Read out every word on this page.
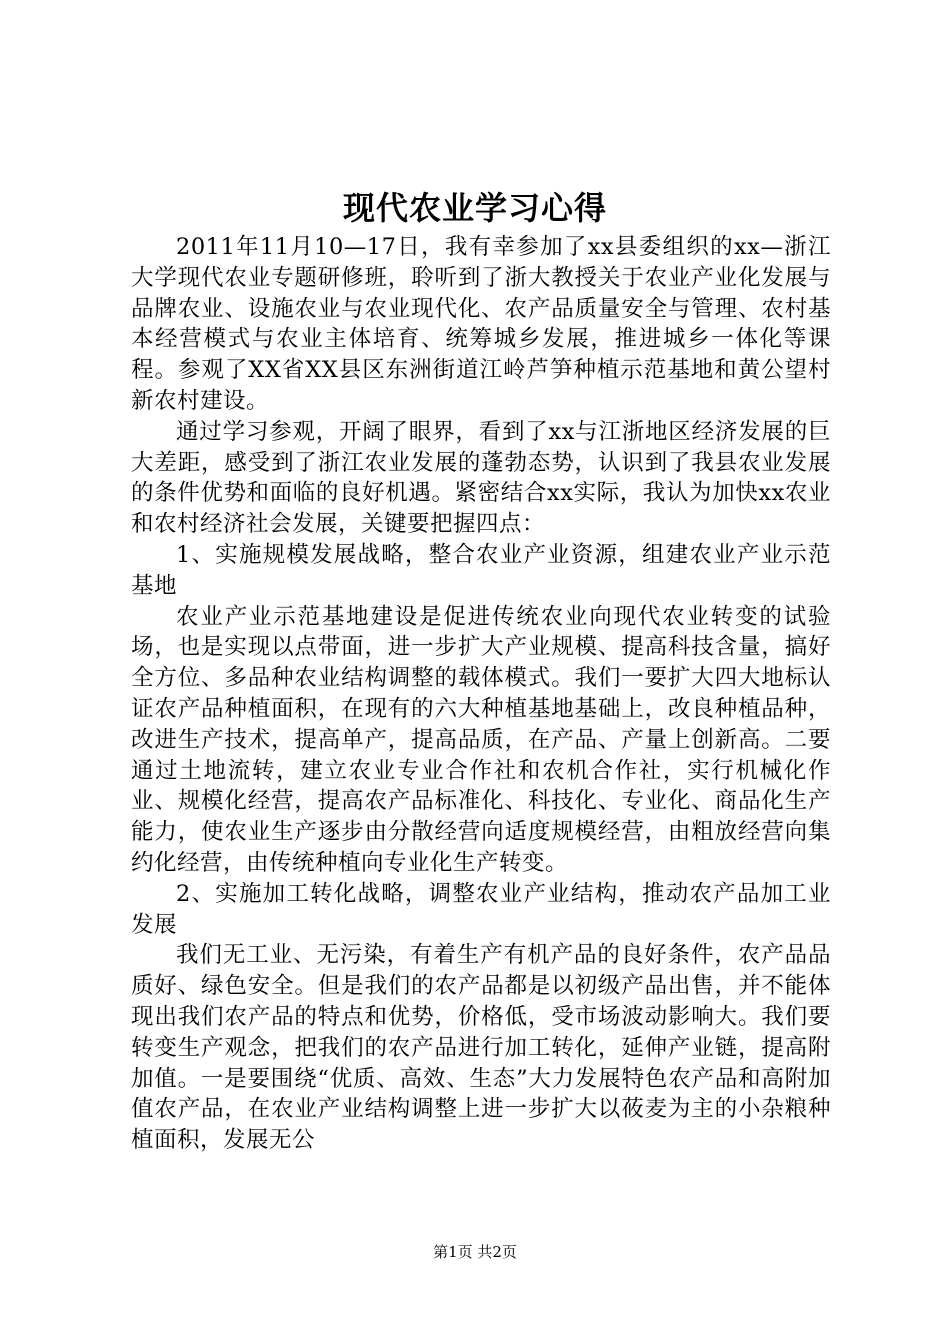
现代农业学习心得

2011年11月10—17日，我有幸参加了xx县委组织的xx—浙江大学现代农业专题研修班，聆听到了浙大教授关于农业产业化发展与品牌农业、设施农业与农业现代化、农产品质量安全与管理、农村基本经营模式与农业主体培育、统筹城乡发展，推进城乡一体化等课程。参观了XX省XX县区东洲街道江岭芦笋种植示范基地和黄公望村新农村建设。

通过学习参观，开阔了眼界，看到了xx与江浙地区经济发展的巨大差距，感受到了浙江农业发展的蓬勃态势，认识到了我县农业发展的条件优势和面临的良好机遇。紧密结合xx实际，我认为加快xx农业和农村经济社会发展，关键要把握四点：

1、实施规模发展战略，整合农业产业资源，组建农业产业示范基地

农业产业示范基地建设是促进传统农业向现代农业转变的试验场，也是实现以点带面，进一步扩大产业规模、提高科技含量，搞好全方位、多品种农业结构调整的载体模式。我们一要扩大四大地标认证农产品种植面积，在现有的六大种植基地基础上，改良种植品种，改进生产技术，提高单产，提高品质，在产品、产量上创新高。二要通过土地流转，建立农业专业合作社和农机合作社，实行机械化作业、规模化经营，提高农产品标准化、科技化、专业化、商品化生产能力，使农业生产逐步由分散经营向适度规模经营，由粗放经营向集约化经营，由传统种植向专业化生产转变。

2、实施加工转化战略，调整农业产业结构，推动农产品加工业发展

我们无工业、无污染，有着生产有机产品的良好条件，农产品品质好、绿色安全。但是我们的农产品都是以初级产品出售，并不能体现出我们农产品的特点和优势，价格低，受市场波动影响大。我们要转变生产观念，把我们的农产品进行加工转化，延伸产业链，提高附加值。一是要围绕“优质、高效、生态”大力发展特色农产品和高附加值农产品，在农业产业结构调整上进一步扩大以莜麦为主的小杂粮种植面积，发展无公

第1页 共2页
